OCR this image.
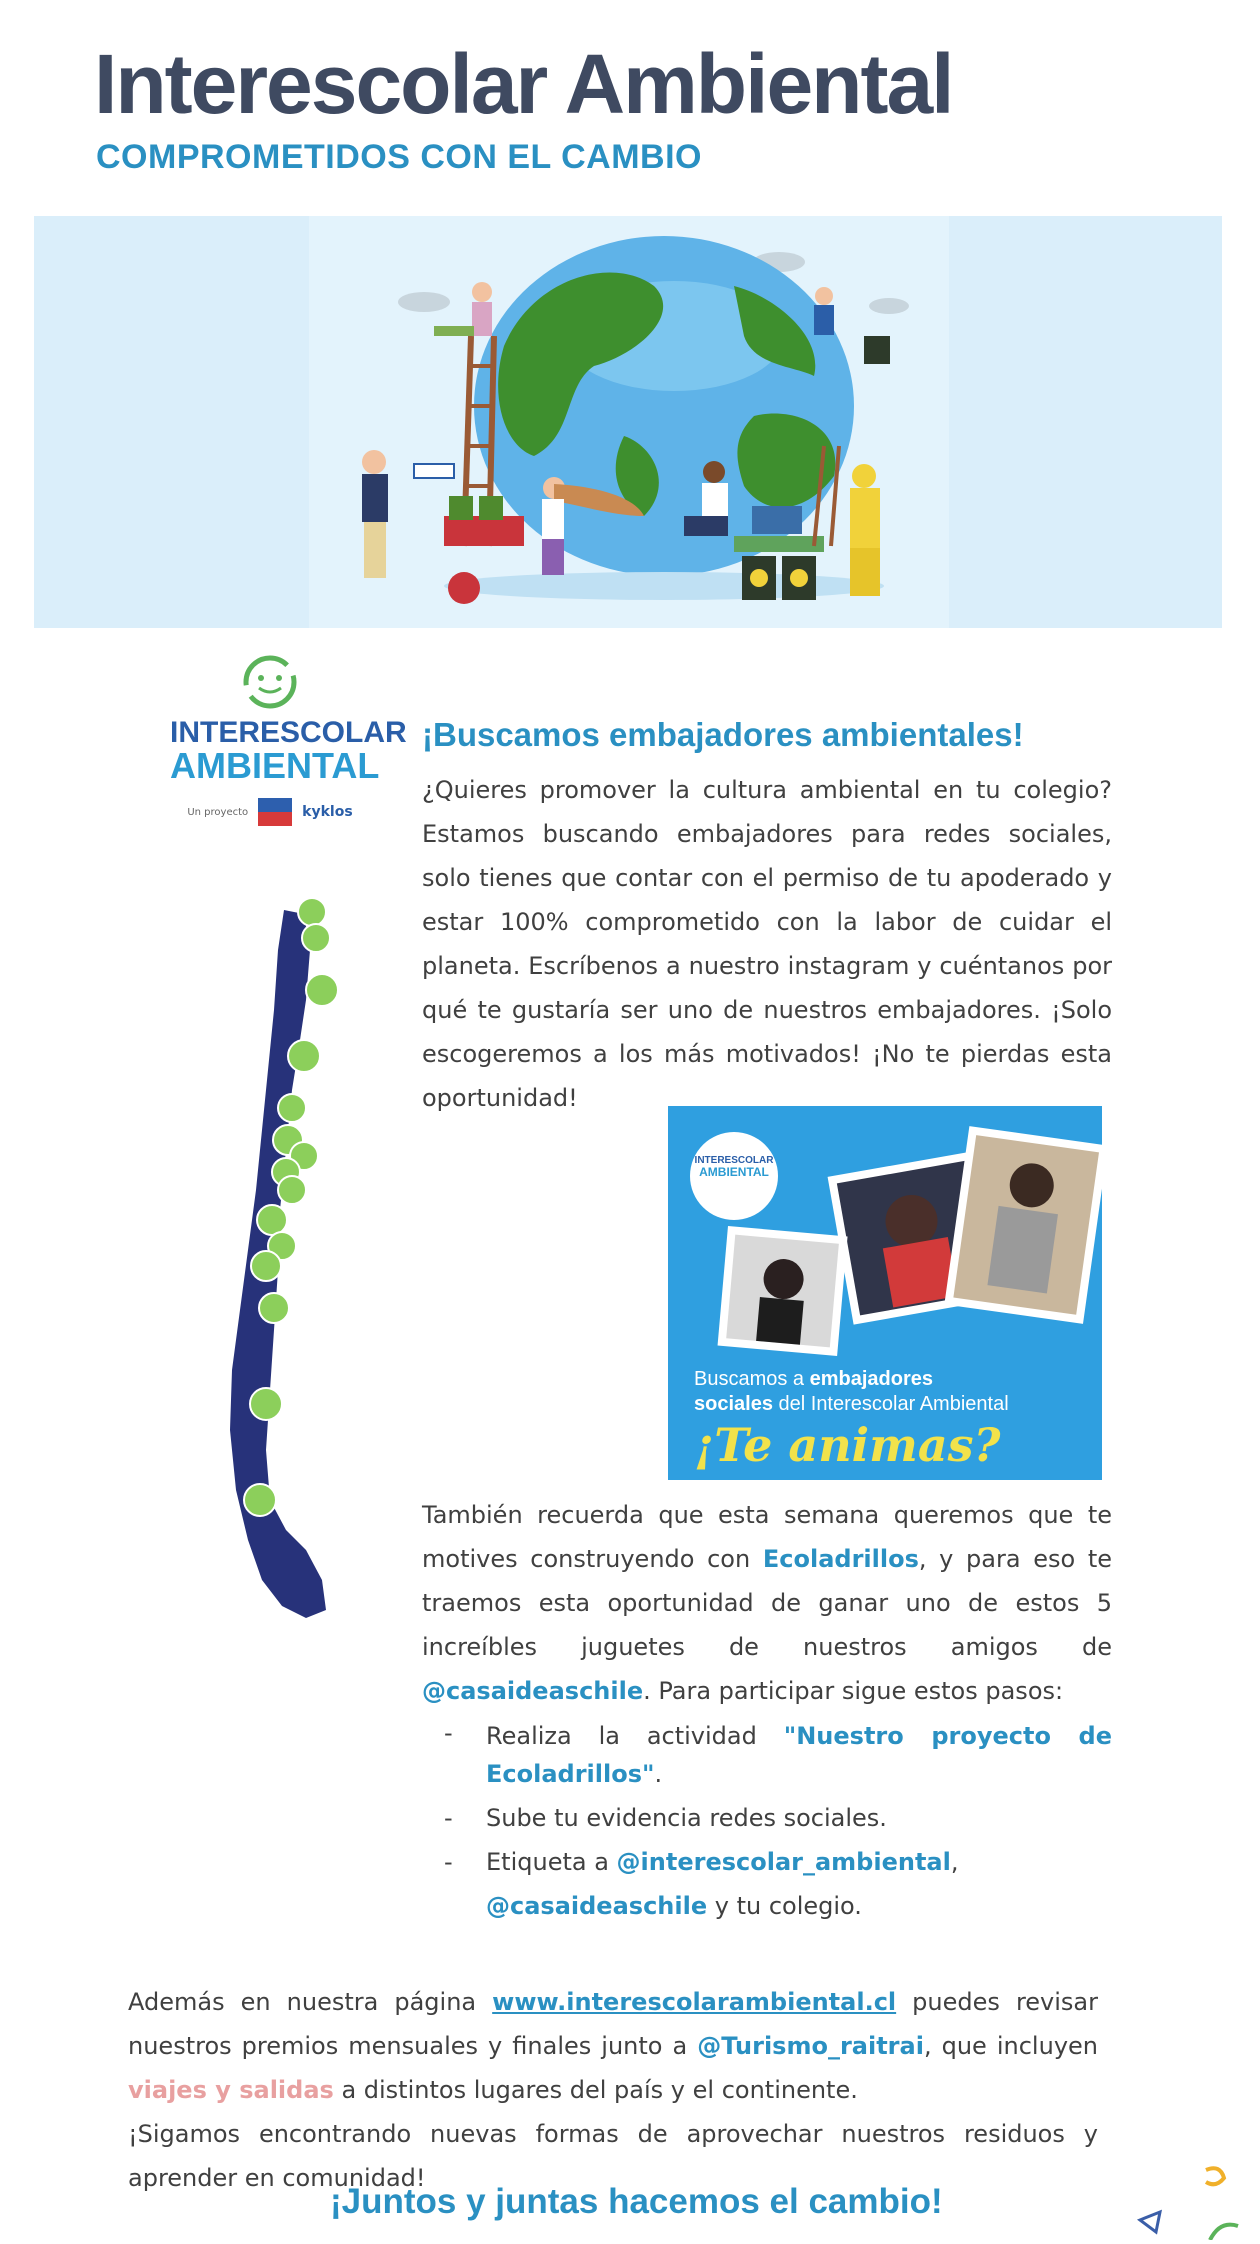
Interescolar Ambiental
COMPROMETIDOS CON EL CAMBIO
INTERESCOLAR
AMBIENTAL
Un proyecto	kyklos
¡Buscamos embajadores ambientales!

¿Quieres promover la cultura ambiental en tu colegio? Estamos buscando embajadores para redes sociales, solo tienes que contar con el permiso de tu apoderado y estar 100% comprometido con la labor de cuidar el planeta. Escríbenos a nuestro instagram y cuéntanos por qué te gustaría ser uno de nuestros embajadores. ¡Solo escogeremos a los más motivados! ¡No te pierdas esta oportunidad!

INTERESCOLAR
AMBIENTAL
Buscamos a embajadores
sociales del Interescolar Ambiental
¡Te animas?

También recuerda que esta semana queremos que te motives construyendo con Ecoladrillos, y para eso te traemos esta oportunidad de ganar uno de estos 5 increíbles juguetes de nuestros amigos de @casaideaschile. Para participar sigue estos pasos:

- Realiza la actividad "Nuestro proyecto de Ecoladrillos".
- Sube tu evidencia redes sociales.
- Etiqueta a @interescolar_ambiental,
@casaideaschile y tu colegio.

Además en nuestra página www.interescolarambiental.cl puedes revisar nuestros premios mensuales y finales junto a @Turismo_raitrai, que incluyen viajes y salidas a distintos lugares del país y el continente.
¡Sigamos encontrando nuevas formas de aprovechar nuestros residuos y aprender en comunidad!

¡Juntos y juntas hacemos el cambio!
